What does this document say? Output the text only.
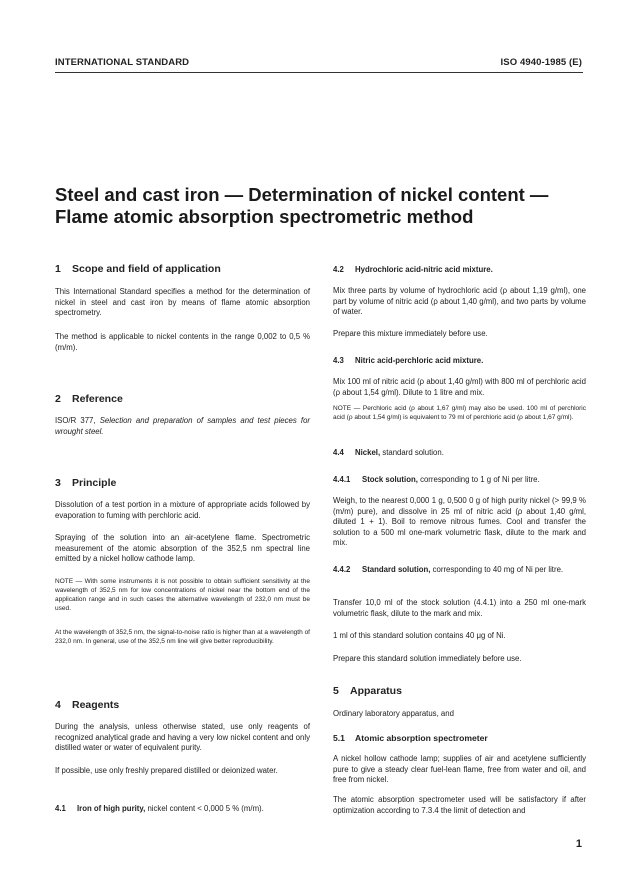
INTERNATIONAL STANDARD	ISO 4940-1985 (E)
Steel and cast iron — Determination of nickel content —
Flame atomic absorption spectrometric method

1 Scope and field of application

This International Standard specifies a method for the determination of nickel in steel and cast iron by means of flame atomic absorption spectrometry.

The method is applicable to nickel contents in the range 0,002 to 0,5 % (m/m).

2 Reference

ISO/R 377, Selection and preparation of samples and test pieces for wrought steel.

3 Principle

Dissolution of a test portion in a mixture of appropriate acids followed by evaporation to fuming with perchloric acid.

Spraying of the solution into an air-acetylene flame. Spectrometric measurement of the atomic absorption of the 352,5 nm spectral line emitted by a nickel hollow cathode lamp.

NOTE — With some instruments it is not possible to obtain sufficient sensitivity at the wavelength of 352,5 nm for low concentrations of nickel near the bottom end of the application range and in such cases the alternative wavelength of 232,0 nm must be used.

At the wavelength of 352,5 nm, the signal-to-noise ratio is higher than at a wavelength of 232,0 nm. In general, use of the 352,5 nm line will give better reproducibility.

4 Reagents

During the analysis, unless otherwise stated, use only reagents of recognized analytical grade and having a very low nickel content and only distilled water or water of equivalent purity.

If possible, use only freshly prepared distilled or deionized water.

4.1 Iron of high purity, nickel content < 0,000 5 % (m/m).

4.2 Hydrochloric acid-nitric acid mixture.

Mix three parts by volume of hydrochloric acid (ρ about 1,19 g/ml), one part by volume of nitric acid (ρ about 1,40 g/ml), and two parts by volume of water.

Prepare this mixture immediately before use.

4.3 Nitric acid-perchloric acid mixture.

Mix 100 ml of nitric acid (ρ about 1,40 g/ml) with 800 ml of perchloric acid (ρ about 1,54 g/ml). Dilute to 1 litre and mix.

NOTE — Perchloric acid (ρ about 1,67 g/ml) may also be used. 100 ml of perchloric acid (ρ about 1,54 g/ml) is equivalent to 79 ml of perchloric acid (ρ about 1,67 g/ml).

4.4 Nickel, standard solution.

4.4.1 Stock solution, corresponding to 1 g of Ni per litre.

Weigh, to the nearest 0,000 1 g, 0,500 0 g of high purity nickel (> 99,9 % (m/m) pure), and dissolve in 25 ml of nitric acid (ρ about 1,40 g/ml, diluted 1 + 1). Boil to remove nitrous fumes. Cool and transfer the solution to a 500 ml one-mark volumetric flask, dilute to the mark and mix.

4.4.2 Standard solution, corresponding to 40 mg of Ni per litre.

Transfer 10,0 ml of the stock solution (4.4.1) into a 250 ml one-mark volumetric flask, dilute to the mark and mix.

1 ml of this standard solution contains 40 μg of Ni.

Prepare this standard solution immediately before use.

5 Apparatus

Ordinary laboratory apparatus, and

5.1 Atomic absorption spectrometer

A nickel hollow cathode lamp; supplies of air and acetylene sufficiently pure to give a steady clear fuel-lean flame, free from water and oil, and free from nickel.

The atomic absorption spectrometer used will be satisfactory if after optimization according to 7.3.4 the limit of detection and

1
